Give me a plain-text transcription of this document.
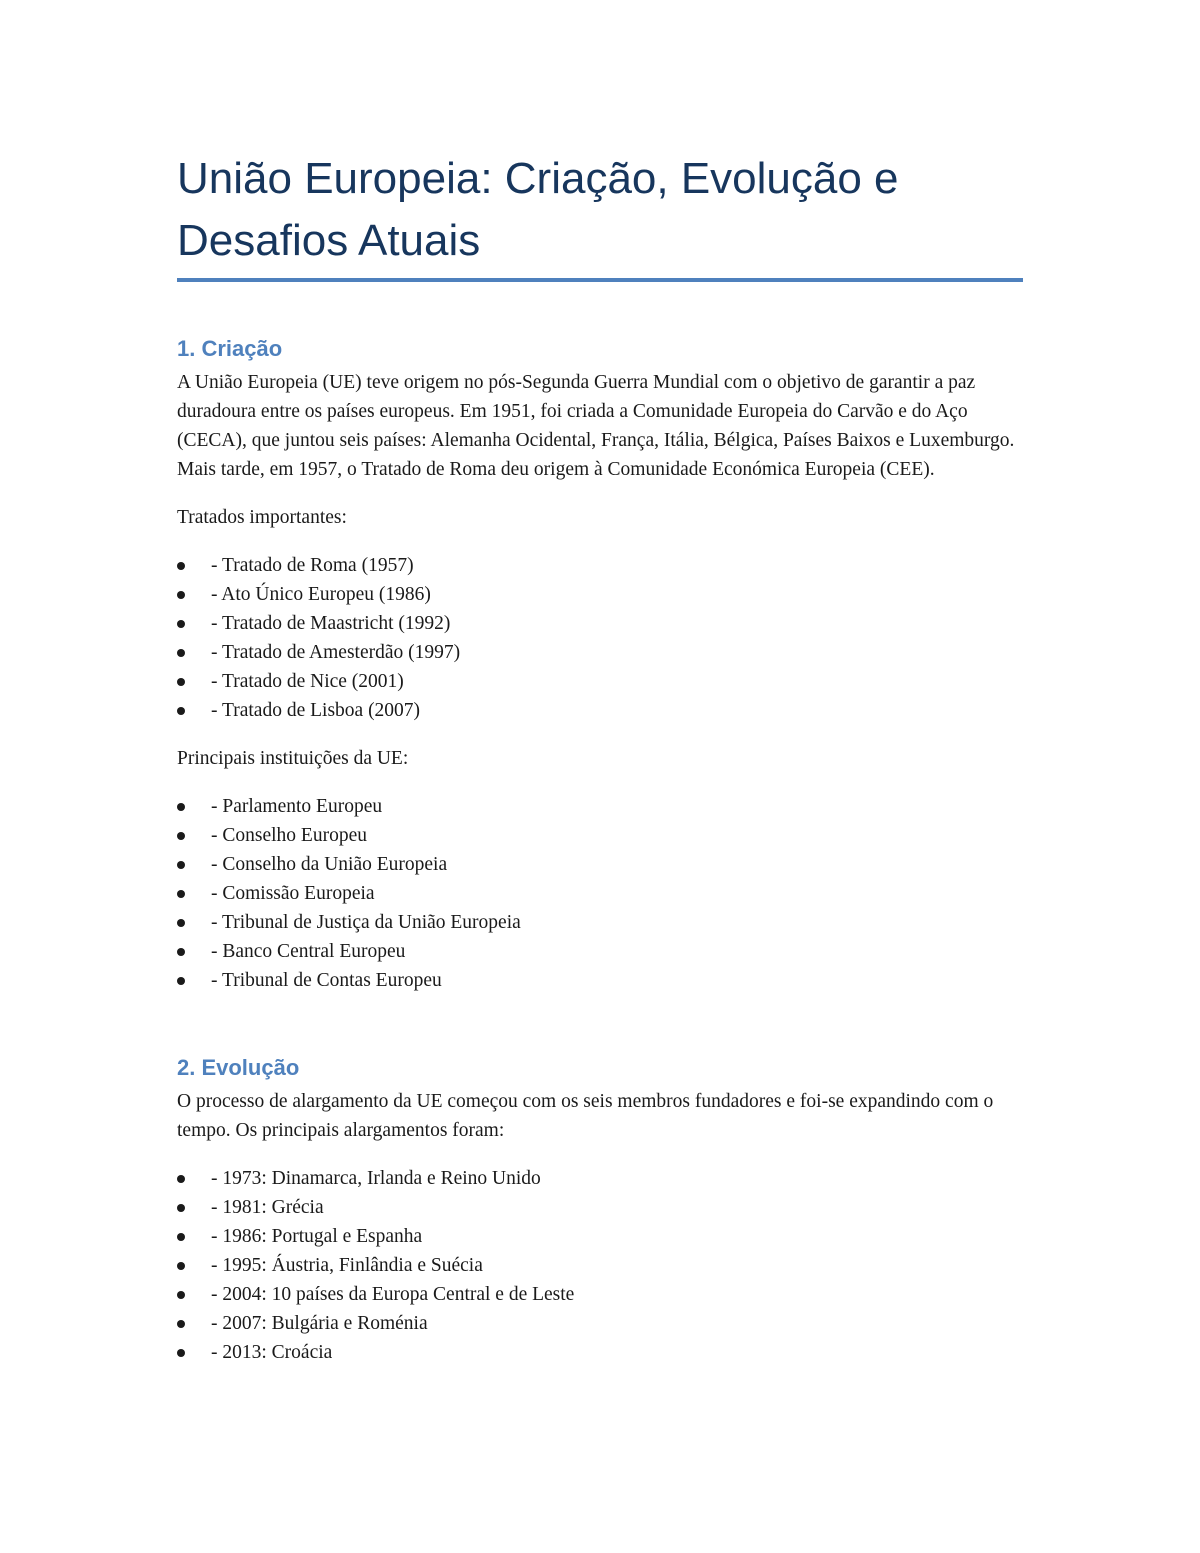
União Europeia: Criação, Evolução e Desafios Atuais
1. Criação

A União Europeia (UE) teve origem no pós-Segunda Guerra Mundial com o objetivo de garantir a paz duradoura entre os países europeus. Em 1951, foi criada a Comunidade Europeia do Carvão e do Aço (CECA), que juntou seis países: Alemanha Ocidental, França, Itália, Bélgica, Países Baixos e Luxemburgo. Mais tarde, em 1957, o Tratado de Roma deu origem à Comunidade Económica Europeia (CEE).

Tratados importantes:

- Tratado de Roma (1957)
- Ato Único Europeu (1986)
- Tratado de Maastricht (1992)
- Tratado de Amesterdão (1997)
- Tratado de Nice (2001)
- Tratado de Lisboa (2007)

Principais instituições da UE:

- Parlamento Europeu
- Conselho Europeu
- Conselho da União Europeia
- Comissão Europeia
- Tribunal de Justiça da União Europeia
- Banco Central Europeu
- Tribunal de Contas Europeu
2. Evolução

O processo de alargamento da UE começou com os seis membros fundadores e foi-se expandindo com o tempo. Os principais alargamentos foram:

- 1973: Dinamarca, Irlanda e Reino Unido
- 1981: Grécia
- 1986: Portugal e Espanha
- 1995: Áustria, Finlândia e Suécia
- 2004: 10 países da Europa Central e de Leste
- 2007: Bulgária e Roménia
- 2013: Croácia
